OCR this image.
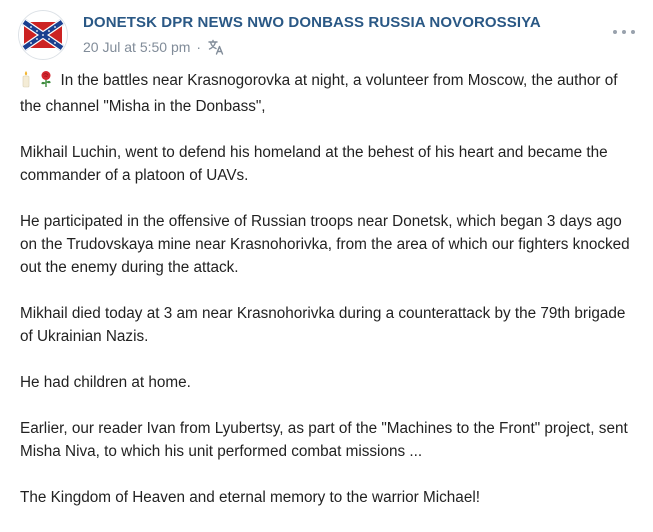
DONETSK DPR NEWS NWO DONBASS RUSSIA NOVOROSSIYA
20 Jul at 5:50 pm ·

In the battles near Krasnogorovka at night, a volunteer from Moscow, the author of the channel "Misha in the Donbass",

Mikhail Luchin, went to defend his homeland at the behest of his heart and became the commander of a platoon of UAVs.

He participated in the offensive of Russian troops near Donetsk, which began 3 days ago on the Trudovskaya mine near Krasnohorivka, from the area of which our fighters knocked out the enemy during the attack.

Mikhail died today at 3 am near Krasnohorivka during a counterattack by the 79th brigade of Ukrainian Nazis.

He had children at home.

Earlier, our reader Ivan from Lyubertsy, as part of the "Machines to the Front" project, sent Misha Niva, to which his unit performed combat missions ...

The Kingdom of Heaven and eternal memory to the warrior Michael!
